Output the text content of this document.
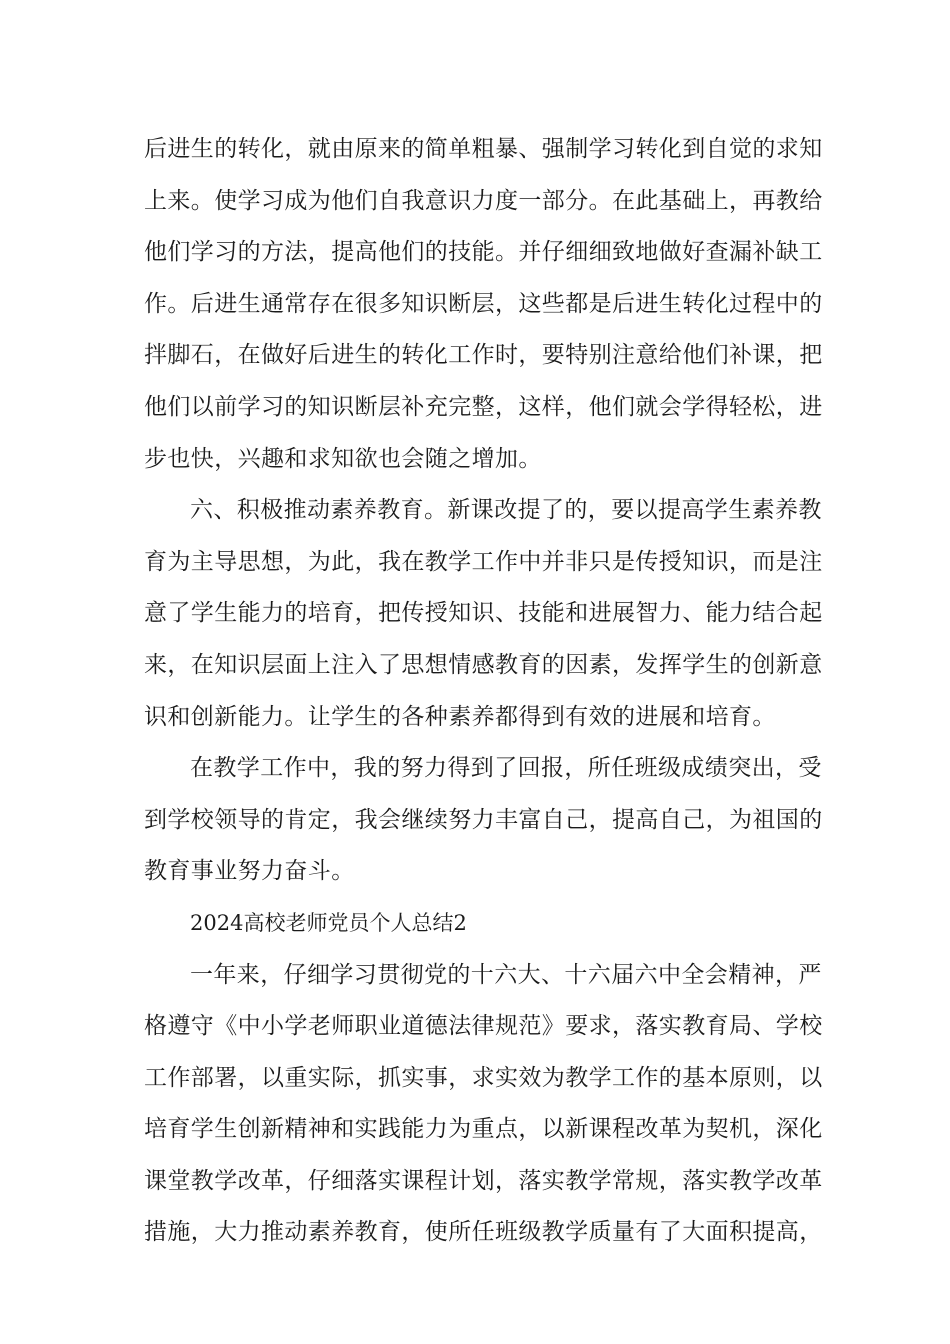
后进生的转化，就由原来的简单粗暴、强制学习转化到自觉的求知
上来。使学习成为他们自我意识力度一部分。在此基础上，再教给
他们学习的方法，提高他们的技能。并仔细细致地做好查漏补缺工
作。后进生通常存在很多知识断层，这些都是后进生转化过程中的
拌脚石，在做好后进生的转化工作时，要特别注意给他们补课，把
他们以前学习的知识断层补充完整，这样，他们就会学得轻松，进
步也快，兴趣和求知欲也会随之增加。
六、积极推动素养教育。新课改提了的，要以提高学生素养教
育为主导思想，为此，我在教学工作中并非只是传授知识，而是注
意了学生能力的培育，把传授知识、技能和进展智力、能力结合起
来，在知识层面上注入了思想情感教育的因素，发挥学生的创新意
识和创新能力。让学生的各种素养都得到有效的进展和培育。
在教学工作中，我的努力得到了回报，所任班级成绩突出，受
到学校领导的肯定，我会继续努力丰富自己，提高自己，为祖国的
教育事业努力奋斗。
2024高校老师党员个人总结2
一年来，仔细学习贯彻党的十六大、十六届六中全会精神，严
格遵守《中小学老师职业道德法律规范》要求，落实教育局、学校
工作部署，以重实际，抓实事，求实效为教学工作的基本原则，以
培育学生创新精神和实践能力为重点，以新课程改革为契机，深化
课堂教学改革，仔细落实课程计划，落实教学常规，落实教学改革
措施，大力推动素养教育，使所任班级教学质量有了大面积提高，
